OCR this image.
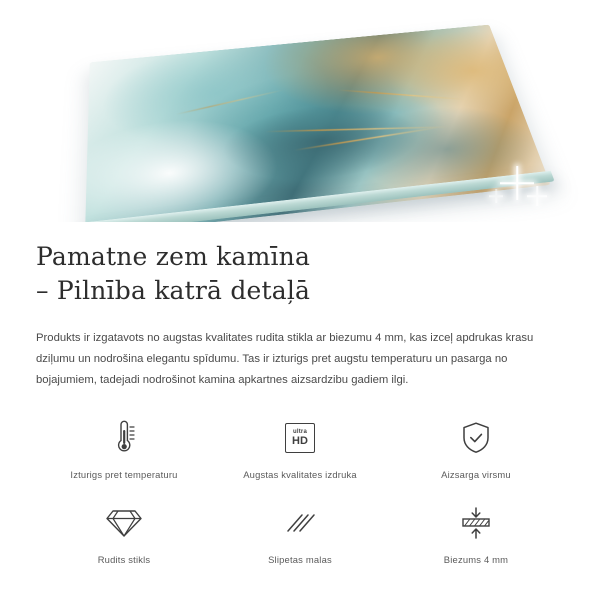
Pamatne zem kamīna
– Pilnība katrā detaļā

Produkts ir izgatavots no augstas kvalitates rudita stikla ar biezumu 4 mm, kas izceļ apdrukas krasu dziļumu un nodrošina elegantu spīdumu. Tas ir izturigs pret augstu temperaturu un pasarga no bojajumiem, tadejadi nodrošinot kamina apkartnes aizsardzibu gadiem ilgi.

Izturigs pret temperaturu
ultra
HD
Augstas kvalitates izdruka	Aizsarga virsmu
Rudits stikls	Slipetas malas	Biezums 4 mm
